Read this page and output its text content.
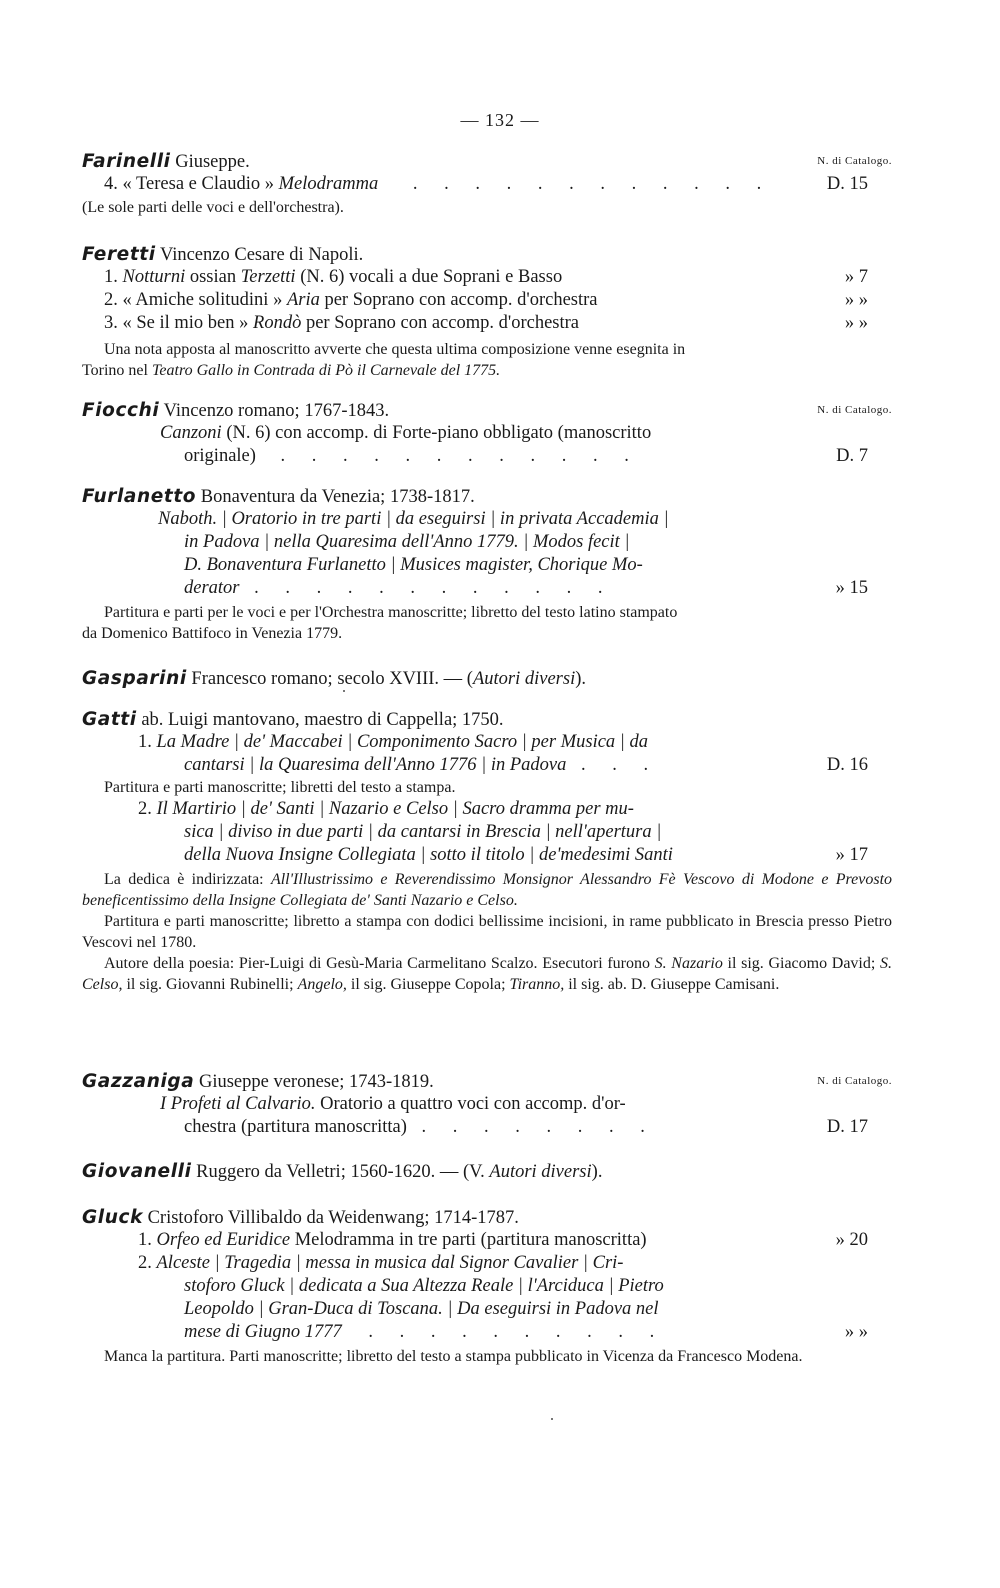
— 132 —
Farinelli Giuseppe.	N. di Catalogo.
4. « Teresa e Claudio » Melodramma . . . . . . . . . . . .	D. 15
(Le sole parti delle voci e dell'orchestra).
Feretti Vincenzo Cesare di Napoli.
1. Notturni ossian Terzetti (N. 6) vocali a due Soprani e Basso	» 7
2. « Amiche solitudini » Aria per Soprano con accomp. d'orchestra	» »
3. « Se il mio ben » Rondò per Soprano con accomp. d'orchestra	» »

Una nota apposta al manoscritto avverte che questa ultima composizione venne esegnita in

Torino nel Teatro Gallo in Contrada di Pò il Carnevale del 1775.

Fiocchi Vincenzo romano; 1767-1843.	N. di Catalogo.
Canzoni (N. 6) con accomp. di Forte-piano obbligato (manoscritto
originale) . . . . . . . . . . . .	D. 7
Furlanetto Bonaventura da Venezia; 1738-1817.
Naboth. | Oratorio in tre parti | da eseguirsi | in privata Accademia |
in Padova | nella Quaresima dell'Anno 1779. | Modos fecit |
D. Bonaventura Furlanetto | Musices magister, Chorique Mo-
derator . . . . . . . . . . . .	» 15

Partitura e parti per le voci e per l'Orchestra manoscritte; libretto del testo latino stampato

da Domenico Battifoco in Venezia 1779.

Gasparini Francesco romano; secolo XVIII. — (Autori diversi).
Gatti ab. Luigi mantovano, maestro di Cappella; 1750.
1. La Madre | de' Maccabei | Componimento Sacro | per Musica | da
cantarsi | la Quaresima dell'Anno 1776 | in Padova . . .	D. 16

Partitura e parti manoscritte; libretti del testo a stampa.

2. Il Martirio | de' Santi | Nazario e Celso | Sacro dramma per mu-
sica | diviso in due parti | da cantarsi in Brescia | nell'apertura |
della Nuova Insigne Collegiata | sotto il titolo | de'medesimi Santi	» 17

La dedica è indirizzata: All'Illustrissimo e Reverendissimo Monsignor Alessandro Fè Vescovo di Modone e Prevosto beneficentissimo della Insigne Collegiata de' Santi Nazario e Celso.

Partitura e parti manoscritte; libretto a stampa con dodici bellissime incisioni, in rame pubblicato in Brescia presso Pietro Vescovi nel 1780.

Autore della poesia: Pier-Luigi di Gesù-Maria Carmelitano Scalzo. Esecutori furono S. Nazario il sig. Giacomo David; S. Celso, il sig. Giovanni Rubinelli; Angelo, il sig. Giuseppe Copola; Tiranno, il sig. ab. D. Giuseppe Camisani.

Gazzaniga Giuseppe veronese; 1743-1819.	N. di Catalogo.
I Profeti al Calvario. Oratorio a quattro voci con accomp. d'or-
chestra (partitura manoscritta) . . . . . . . .	D. 17
Giovanelli Ruggero da Velletri; 1560-1620. — (V. Autori diversi).
Gluck Cristoforo Villibaldo da Weidenwang; 1714-1787.
1. Orfeo ed Euridice Melodramma in tre parti (partitura manoscritta)	» 20
2. Alceste | Tragedia | messa in musica dal Signor Cavalier | Cri-
stoforo Gluck | dedicata a Sua Altezza Reale | l'Arciduca | Pietro
Leopoldo | Gran-Duca di Toscana. | Da eseguirsi in Padova nel
mese di Giugno 1777 . . . . . . . . . .	» »

Manca la partitura. Parti manoscritte; libretto del testo a stampa pubblicato in Vicenza da Francesco Modena.
